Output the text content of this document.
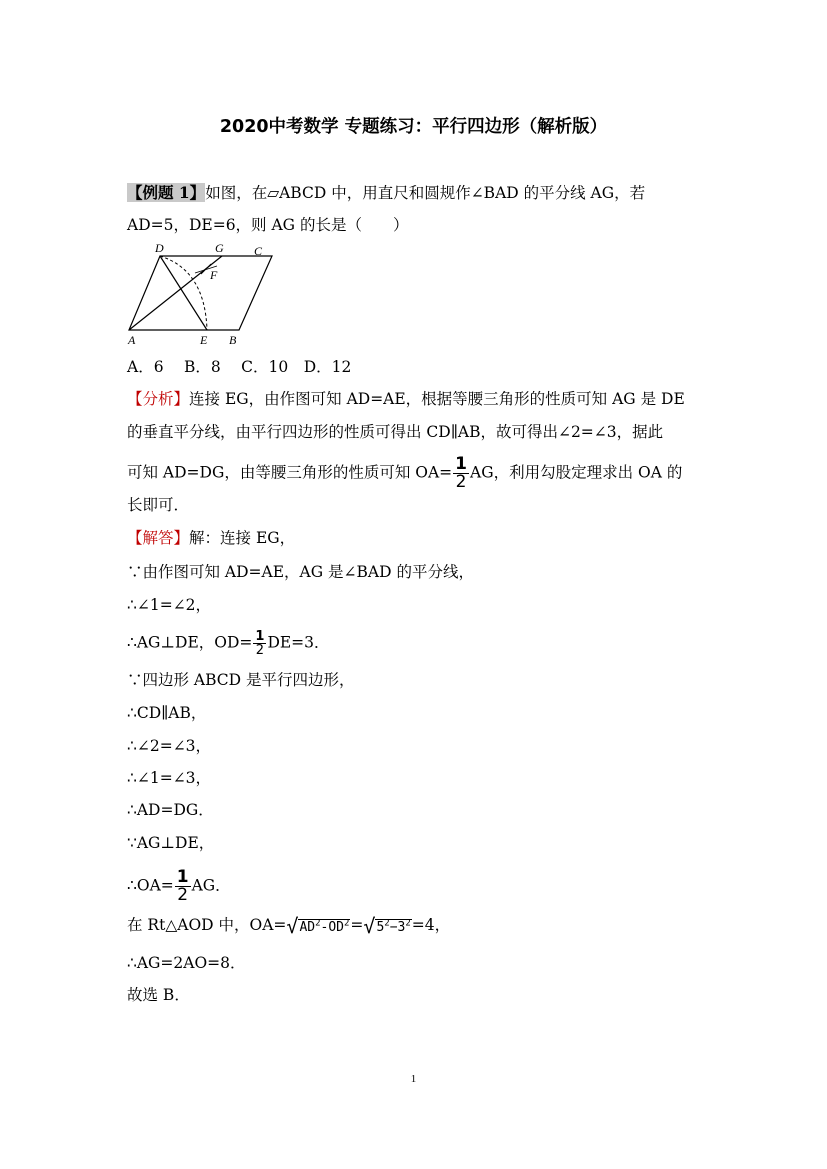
2020中考数学 专题练习：平行四边形（解析版）
【例题 1】如图，在▱ABCD 中，用直尺和圆规作∠BAD 的平分线 AG，若
AD=5，DE=6，则 AG 的长是（　　）
D	G	C
F
A	E B
A．6　 B．8　 C．10　D．12
【分析】连接 EG，由作图可知 AD=AE，根据等腰三角形的性质可知 AG 是 DE
的垂直平分线，由平行四边形的性质可得出 CD∥AB，故可得出∠2=∠3，据此
可知 AD=DG，由等腰三角形的性质可知 $OA= \frac{1}{2}$ AG，利用勾股定理求出 OA 的
长即可．
【解答】解：连接 EG，
∵由作图可知 AD=AE，AG 是∠BAD 的平分线，
∴∠1=∠2，
∴AG⊥DE，$OD= \frac{1}{2} DE=3$．
∵四边形 ABCD 是平行四边形，
∴CD∥AB，
∴∠2=∠3，
∴∠1=∠3，
∴AD=DG．
∵AG⊥DE，
∴OA= $\frac{1}{2}$ AG．
在 Rt△AOD 中，$OA=√AD^2-OD^2=√5^2-3^2=4$，
∴AG=2AO=8．
故选 B．
1
